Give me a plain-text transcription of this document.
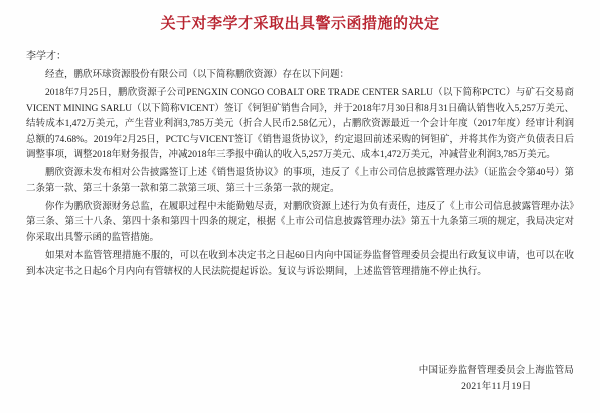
关于对李学才采取出具警示函措施的决定
李学才：

经查，鹏欣环球资源股份有限公司（以下简称鹏欣资源）存在以下问题：

2018年7月25日，鹏欣资源子公司PENGXIN CONGO COBALT ORE TRADE CENTER SARLU（以下简称PCTC）与矿石交易商VICENT MINING SARLU（以下简称VICENT）签订《钶钽矿销售合同》，并于2018年7月30日和8月31日确认销售收入5,257万美元、结转成本1,472万美元，产生营业利润3,785万美元（折合人民币2.58亿元），占鹏欣资源最近一个会计年度（2017年度）经审计利润总额的74.68%。2019年2月25日，PCTC与VICENT签订《销售退货协议》，约定退回前述采购的钶钽矿，并将其作为资产负债表日后调整事项，调整2018年财务报告，冲减2018年三季报中确认的收入5,257万美元、成本1,472万美元，冲减营业利润3,785万美元。

鹏欣资源未发布相对公告披露签订上述《销售退货协议》的事项，违反了《上市公司信息披露管理办法》（证监会令第40号）第二条第一款、第三十条第一款和第二款第三项、第三十三条第一款的规定。

你作为鹏欣资源财务总监，在履职过程中未能勤勉尽责，对鹏欣资源上述行为负有责任，违反了《上市公司信息披露管理办法》第三条、第三十八条、第四十条和第四十四条的规定，根据《上市公司信息披露管理办法》第五十九条第三项的规定，我局决定对你采取出具警示函的监管措施。

如果对本监管管理措施不服的，可以在收到本决定书之日起60日内向中国证券监督管理委员会提出行政复议申请，也可以在收到本决定书之日起6个月内向有管辖权的人民法院提起诉讼。复议与诉讼期间，上述监管管理措施不停止执行。

中国证券监督管理委员会上海监管局
2021年11月19日
